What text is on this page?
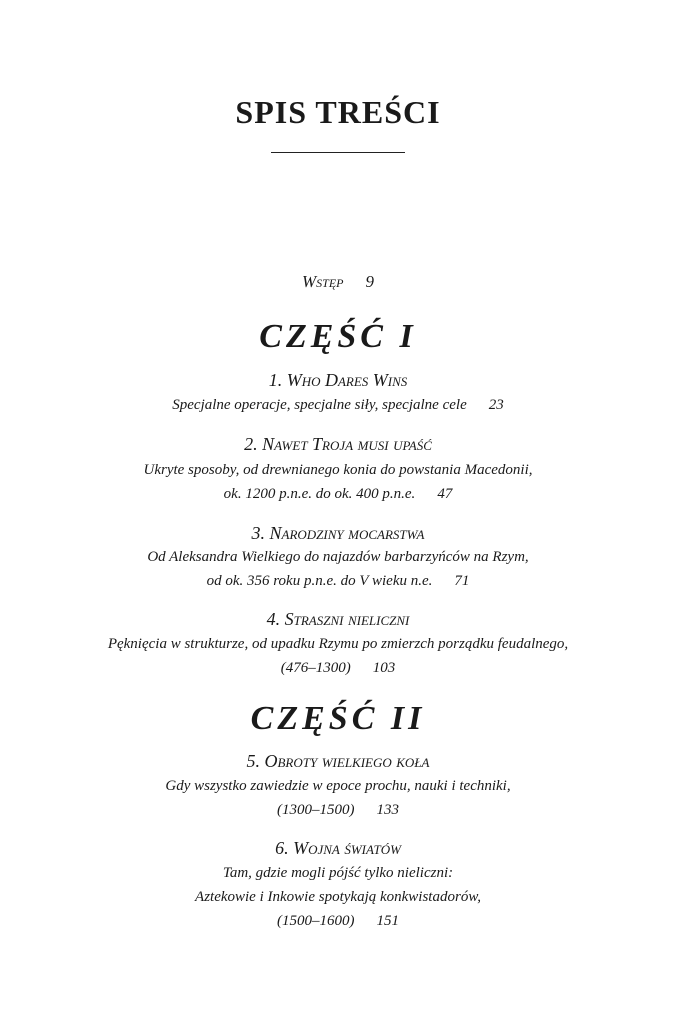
SPIS TREŚCI
Wstęp 9
CZĘŚĆ I
1. Who Dares Wins
Specjalne operacje, specjalne siły, specjalne cele 23
2. Nawet Troja musi upaść
Ukryte sposoby, od drewnianego konia do powstania Macedonii,
ok. 1200 p.n.e. do ok. 400 p.n.e. 47
3. Narodziny mocarstwa
Od Aleksandra Wielkiego do najazdów barbarzyńców na Rzym,
od ok. 356 roku p.n.e. do V wieku n.e. 71
4. Straszni nieliczni
Pęknięcia w strukturze, od upadku Rzymu po zmierzch porządku feudalnego,
(476–1300) 103
CZĘŚĆ II
5. Obroty wielkiego koła
Gdy wszystko zawiedzie w epoce prochu, nauki i techniki,
(1300–1500) 133
6. Wojna światów
Tam, gdzie mogli pójść tylko nieliczni:
Aztekowie i Inkowie spotykają konkwistadorów,
(1500–1600) 151
